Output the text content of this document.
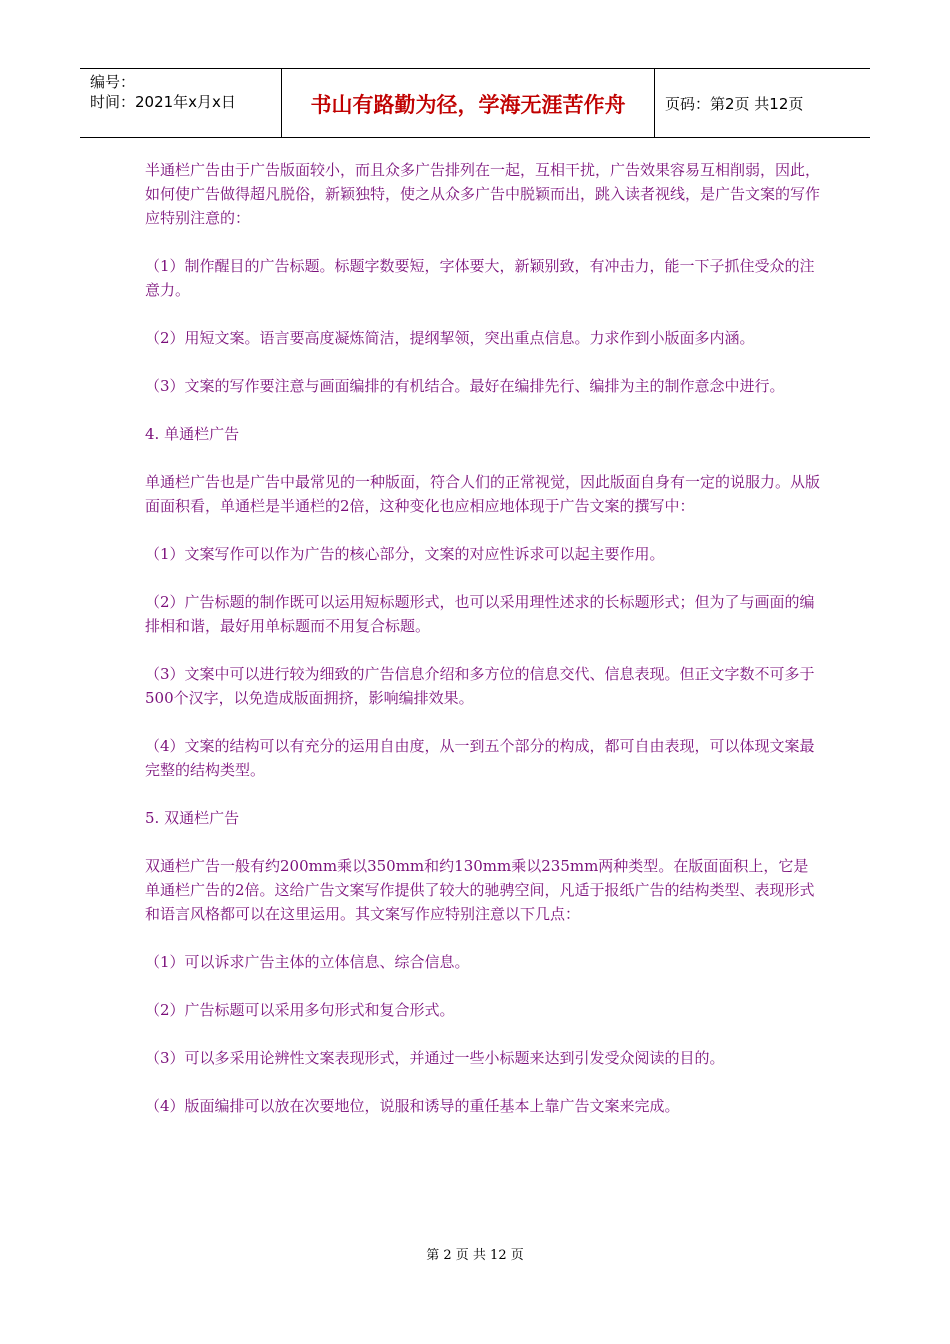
编号：
时间：2021年x月x日	书山有路勤为径，学海无涯苦作舟	页码：第2页 共12页

半通栏广告由于广告版面较小，而且众多广告排列在一起，互相干扰，广告效果容易互相削弱，因此，如何使广告做得超凡脱俗，新颖独特，使之从众多广告中脱颖而出，跳入读者视线，是广告文案的写作应特别注意的：

（1）制作醒目的广告标题。标题字数要短，字体要大，新颖别致，有冲击力，能一下子抓住受众的注意力。

（2）用短文案。语言要高度凝炼简洁，提纲挈领，突出重点信息。力求作到小版面多内涵。

（3）文案的写作要注意与画面编排的有机结合。最好在编排先行、编排为主的制作意念中进行。

4. 单通栏广告

单通栏广告也是广告中最常见的一种版面，符合人们的正常视觉，因此版面自身有一定的说服力。从版面面积看，单通栏是半通栏的2倍，这种变化也应相应地体现于广告文案的撰写中：

（1）文案写作可以作为广告的核心部分，文案的对应性诉求可以起主要作用。

（2）广告标题的制作既可以运用短标题形式，也可以采用理性述求的长标题形式；但为了与画面的编排相和谐，最好用单标题而不用复合标题。

（3）文案中可以进行较为细致的广告信息介绍和多方位的信息交代、信息表现。但正文字数不可多于500个汉字，以免造成版面拥挤，影响编排效果。

（4）文案的结构可以有充分的运用自由度，从一到五个部分的构成，都可自由表现，可以体现文案最完整的结构类型。

5. 双通栏广告

双通栏广告一般有约200mm乘以350mm和约130mm乘以235mm两种类型。在版面面积上，它是单通栏广告的2倍。这给广告文案写作提供了较大的驰骋空间，凡适于报纸广告的结构类型、表现形式和语言风格都可以在这里运用。其文案写作应特别注意以下几点：

（1）可以诉求广告主体的立体信息、综合信息。

（2）广告标题可以采用多句形式和复合形式。

（3）可以多采用论辨性文案表现形式，并通过一些小标题来达到引发受众阅读的目的。

（4）版面编排可以放在次要地位，说服和诱导的重任基本上靠广告文案来完成。

第 2 页 共 12 页
